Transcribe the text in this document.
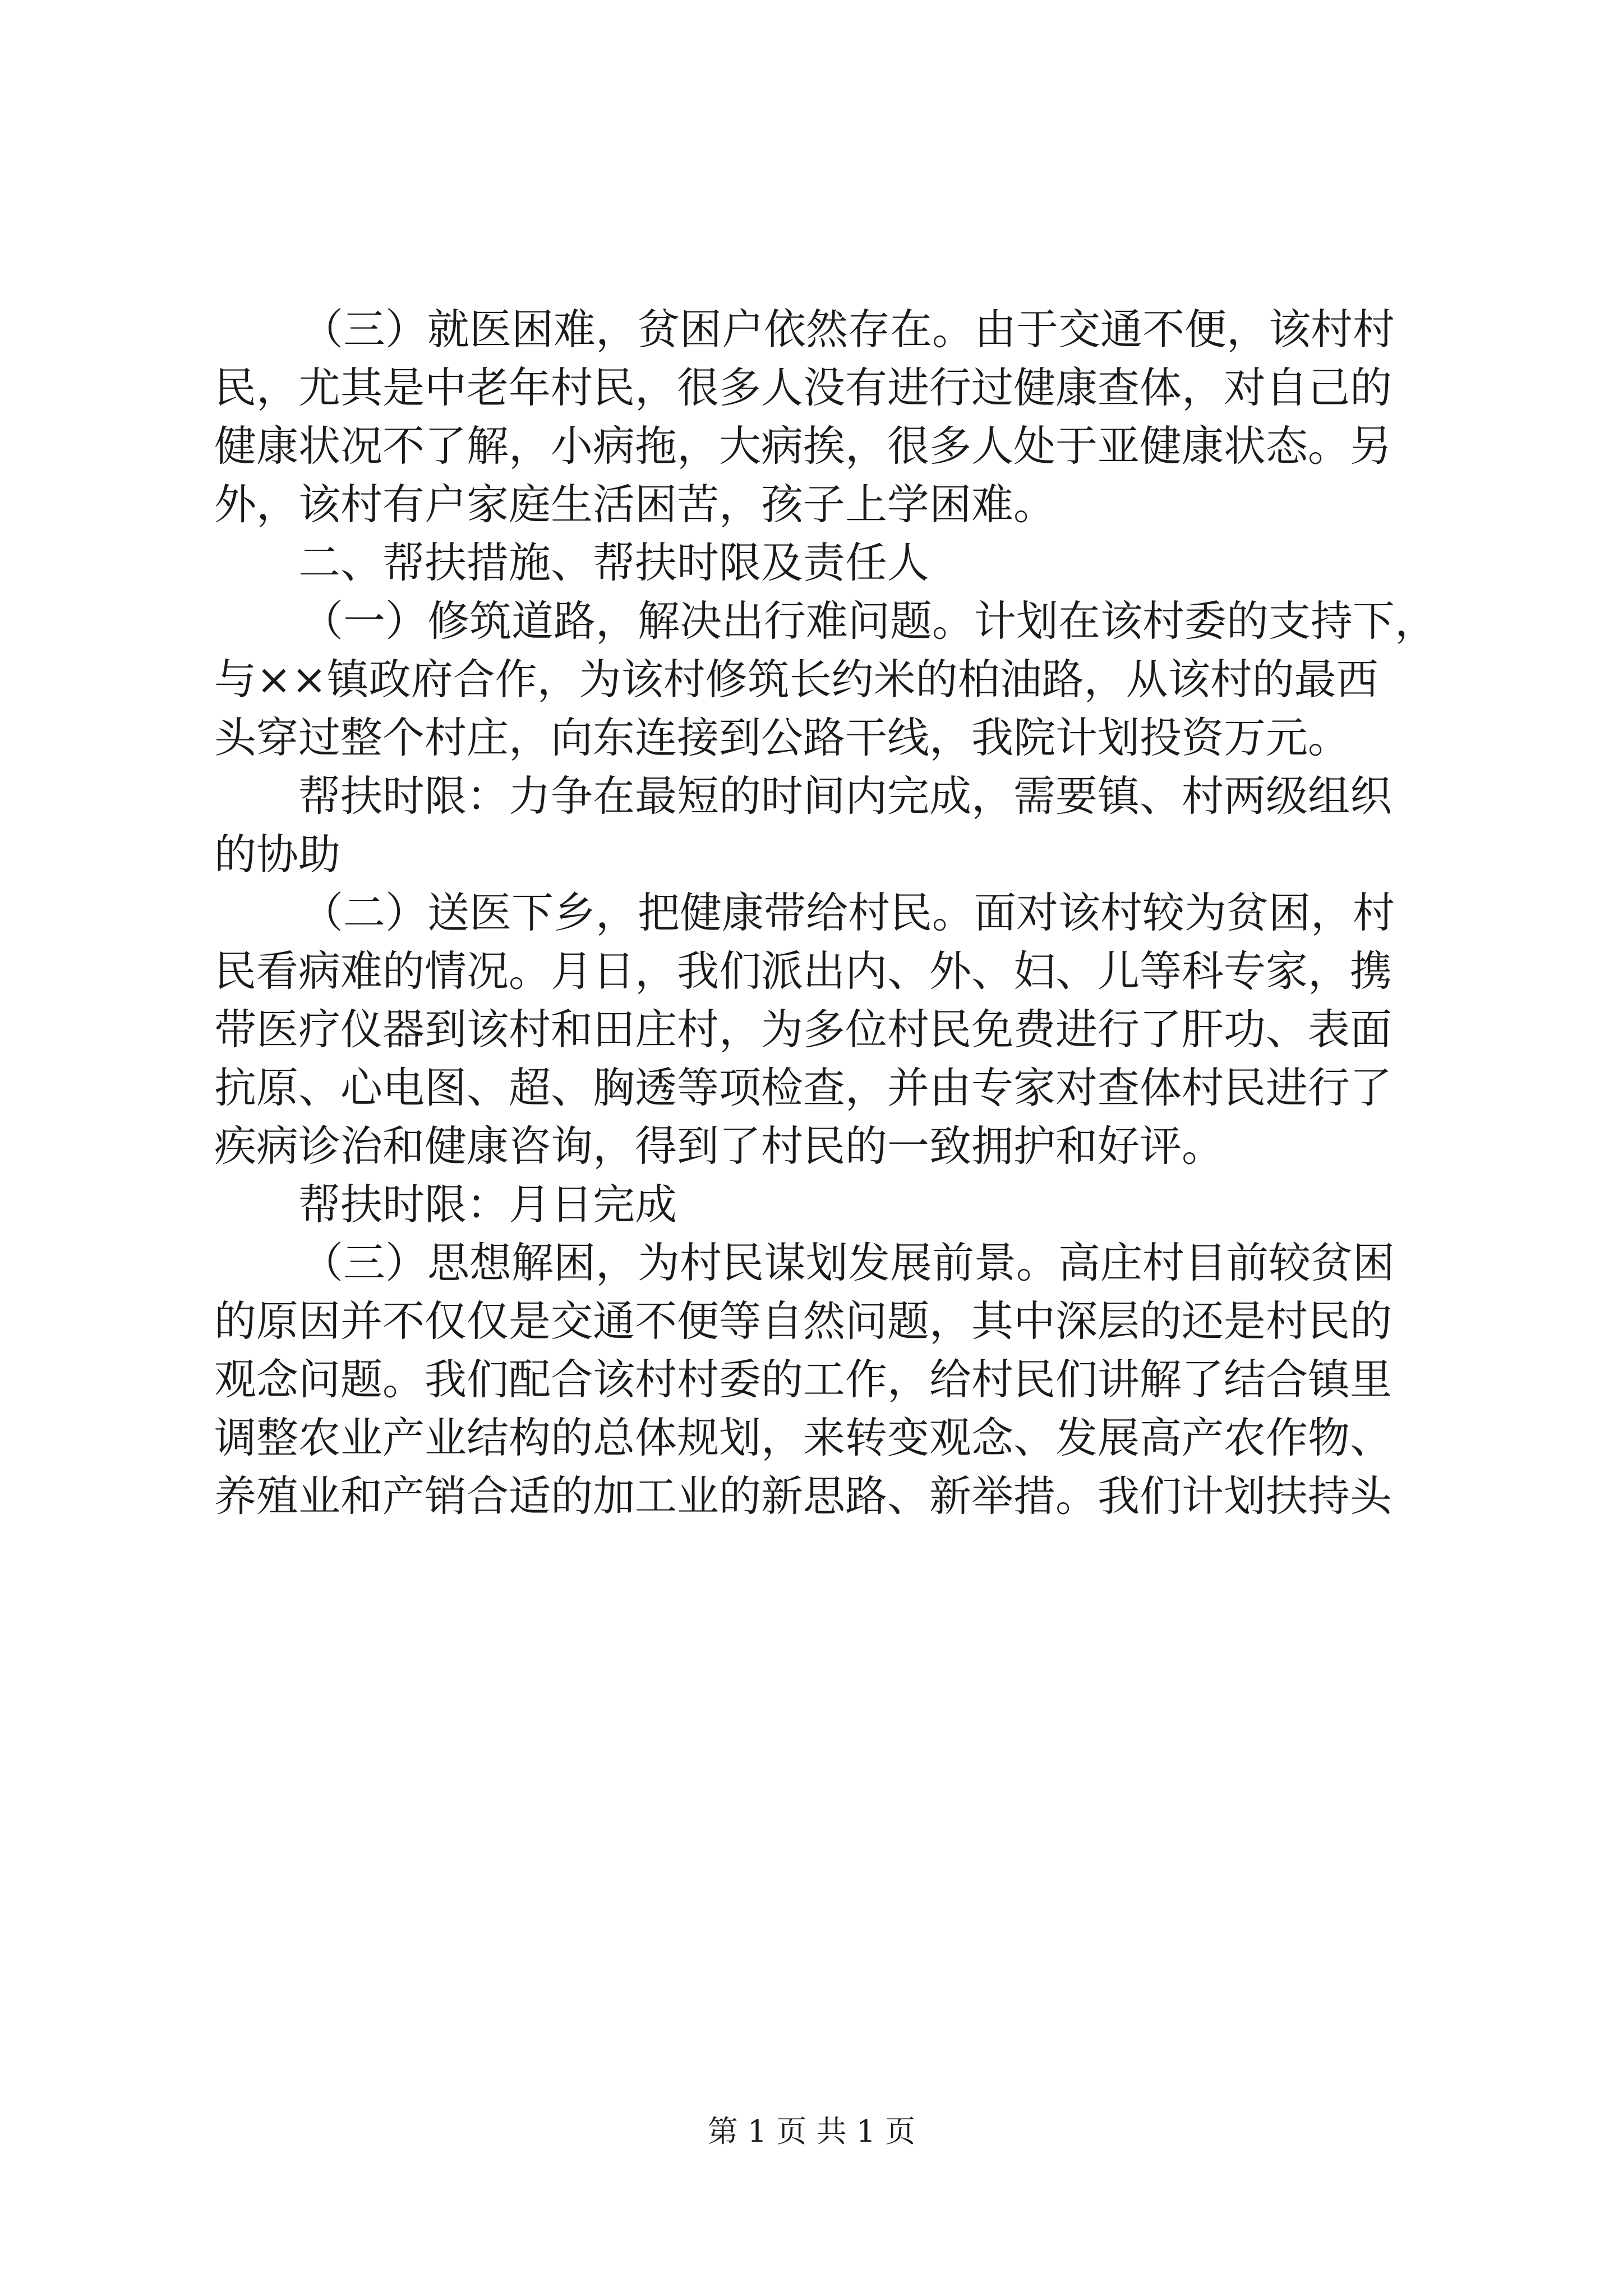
（三）就医困难，贫困户依然存在。由于交通不便，该村村
民，尤其是中老年村民，很多人没有进行过健康查体，对自己的
健康状况不了解，小病拖，大病挨，很多人处于亚健康状态。另
外，该村有户家庭生活困苦，孩子上学困难。
二、帮扶措施、帮扶时限及责任人
（一）修筑道路，解决出行难问题。计划在该村委的支持下，
与××镇政府合作，为该村修筑长约米的柏油路，从该村的最西
头穿过整个村庄，向东连接到公路干线，我院计划投资万元。
帮扶时限：力争在最短的时间内完成，需要镇、村两级组织
的协助
（二）送医下乡，把健康带给村民。面对该村较为贫困，村
民看病难的情况。月日，我们派出内、外、妇、儿等科专家，携
带医疗仪器到该村和田庄村，为多位村民免费进行了肝功、表面
抗原、心电图、超、胸透等项检查，并由专家对查体村民进行了
疾病诊治和健康咨询，得到了村民的一致拥护和好评。
帮扶时限：月日完成
（三）思想解困，为村民谋划发展前景。高庄村目前较贫困
的原因并不仅仅是交通不便等自然问题，其中深层的还是村民的
观念问题。我们配合该村村委的工作，给村民们讲解了结合镇里
调整农业产业结构的总体规划，来转变观念、发展高产农作物、
养殖业和产销合适的加工业的新思路、新举措。我们计划扶持头
第 1 页 共 1 页
